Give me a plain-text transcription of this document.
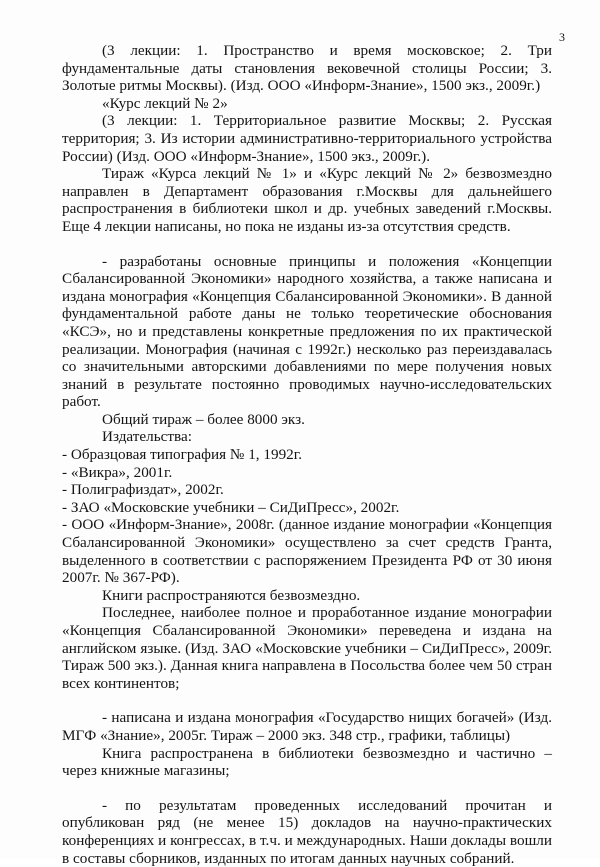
3

(3 лекции: 1. Пространство и время московское; 2. Три фундаментальные даты становления вековечной столицы России; 3. Золотые ритмы Москвы). (Изд. ООО «Информ-Знание», 1500 экз., 2009г.)

«Курс лекций № 2»

(3 лекции: 1. Территориальное развитие Москвы; 2. Русская территория; 3. Из истории административно-территориального устройства России) (Изд. ООО «Информ-Знание», 1500 экз., 2009г.).

Тираж «Курса лекций № 1» и «Курс лекций № 2» безвозмездно направлен в Департамент образования г.Москвы для дальнейшего распространения в библиотеки школ и др. учебных заведений г.Москвы. Еще 4 лекции написаны, но пока не изданы из-за отсутствия средств.

- разработаны основные принципы и положения «Концепции Сбалансированной Экономики» народного хозяйства, а также написана и издана монография «Концепция Сбалансированной Экономики». В данной фундаментальной работе даны не только теоретические обоснования «КСЭ», но и представлены конкретные предложения по их практической реализации. Монография (начиная с 1992г.) несколько раз переиздавалась со значительными авторскими добавлениями по мере получения новых знаний в результате постоянно проводимых научно-исследовательских работ.

Общий тираж – более 8000 экз.

Издательства:

- Образцовая типография № 1, 1992г.

- «Викра», 2001г.

- Полиграфиздат», 2002г.

- ЗАО «Московские учебники – СиДиПресс», 2002г.

- ООО «Информ-Знание», 2008г. (данное издание монографии «Концепция Сбалансированной Экономики» осуществлено за счет средств Гранта, выделенного в соответствии с распоряжением Президента РФ от 30 июня 2007г. № 367-РФ).

Книги распространяются безвозмездно.

Последнее, наиболее полное и проработанное издание монографии «Концепция Сбалансированной Экономики» переведена и издана на английском языке. (Изд. ЗАО «Московские учебники – СиДиПресс», 2009г. Тираж 500 экз.). Данная книга направлена в Посольства более чем 50 стран всех континентов;

- написана и издана монография «Государство нищих богачей» (Изд. МГФ «Знание», 2005г. Тираж – 2000 экз. 348 стр., графики, таблицы)

Книга распространена в библиотеки безвозмездно и частично – через книжные магазины;

- по результатам проведенных исследований прочитан и опубликован ряд (не менее 15) докладов на научно-практических конференциях и конгрессах, в т.ч. и международных. Наши доклады вошли в составы сборников, изданных по итогам данных научных собраний.
